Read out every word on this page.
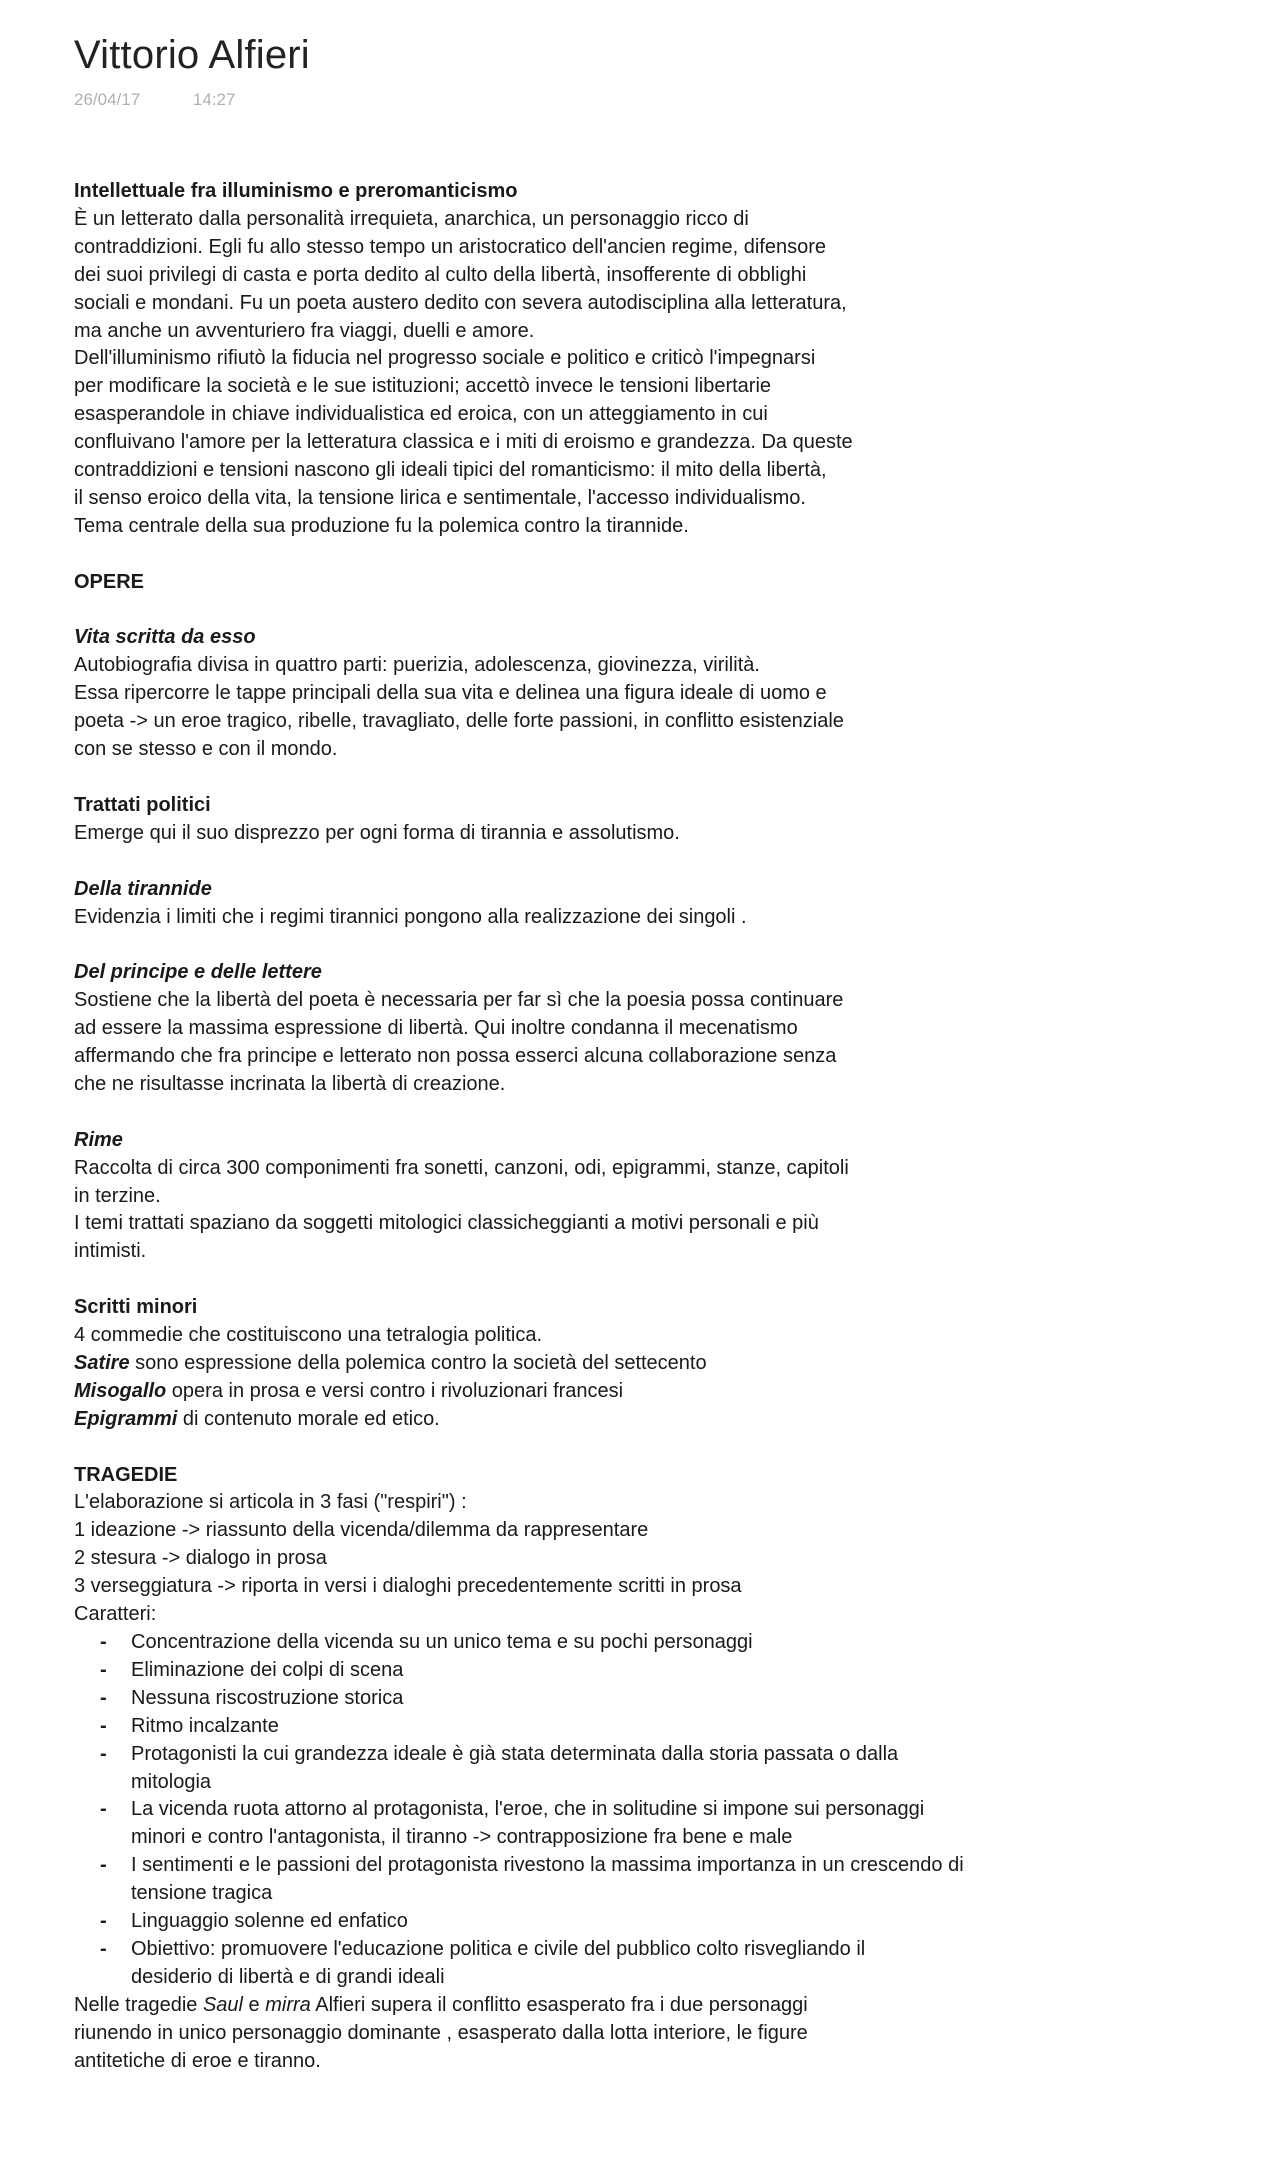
Vittorio Alfieri
26/04/17	14:27

Intellettuale fra illuminismo e preromanticismo

È un letterato dalla personalità irrequieta, anarchica, un personaggio ricco di

contraddizioni. Egli fu allo stesso tempo un aristocratico dell'ancien regime, difensore

dei suoi privilegi di casta e porta dedito al culto della libertà, insofferente di obblighi

sociali e mondani. Fu un poeta austero dedito con severa autodisciplina alla letteratura,

ma anche un avventuriero fra viaggi, duelli e amore.

Dell'illuminismo rifiutò la fiducia nel progresso sociale e politico e criticò l'impegnarsi

per modificare la società e le sue istituzioni; accettò invece le tensioni libertarie

esasperandole in chiave individualistica ed eroica, con un atteggiamento in cui

confluivano l'amore per la letteratura classica e i miti di eroismo e grandezza. Da queste

contraddizioni e tensioni nascono gli ideali tipici del romanticismo: il mito della libertà,

il senso eroico della vita, la tensione lirica e sentimentale, l'accesso individualismo.

Tema centrale della sua produzione fu la polemica contro la tirannide.

OPERE

Vita scritta da esso

Autobiografia divisa in quattro parti: puerizia, adolescenza, giovinezza, virilità.

Essa ripercorre le tappe principali della sua vita e delinea una figura ideale di uomo e

poeta -> un eroe tragico, ribelle, travagliato, delle forte passioni, in conflitto esistenziale

con se stesso e con il mondo.

Trattati politici

Emerge qui il suo disprezzo per ogni forma di tirannia e assolutismo.

Della tirannide

Evidenzia i limiti che i regimi tirannici pongono alla realizzazione dei singoli .

Del principe e delle lettere

Sostiene che la libertà del poeta è necessaria per far sì che la poesia possa continuare

ad essere la massima espressione di libertà. Qui inoltre condanna il mecenatismo

affermando che fra principe e letterato non possa esserci alcuna collaborazione senza

che ne risultasse incrinata la libertà di creazione.

Rime

Raccolta di circa 300 componimenti fra sonetti, canzoni, odi, epigrammi, stanze, capitoli

in terzine.

I temi trattati spaziano da soggetti mitologici classicheggianti a motivi personali e più

intimisti.

Scritti minori

4 commedie che costituiscono una tetralogia politica.

Satire sono espressione della polemica contro la società del settecento

Misogallo opera in prosa e versi contro i rivoluzionari francesi

Epigrammi di contenuto morale ed etico.

TRAGEDIE

L'elaborazione si articola in 3 fasi ("respiri") :

1 ideazione -> riassunto della vicenda/dilemma da rappresentare

2 stesura -> dialogo in prosa

3 verseggiatura -> riporta in versi i dialoghi precedentemente scritti in prosa

Caratteri:

- Concentrazione della vicenda su un unico tema e su pochi personaggi
- Eliminazione dei colpi di scena
- Nessuna riscostruzione storica
- Ritmo incalzante
- Protagonisti la cui grandezza ideale è già stata determinata dalla storia passata o dalla mitologia
- La vicenda ruota attorno al protagonista, l'eroe, che in solitudine si impone sui personaggi minori e contro l'antagonista, il tiranno -> contrapposizione fra bene e male
- I sentimenti e le passioni del protagonista rivestono la massima importanza in un crescendo di tensione tragica
- Linguaggio solenne ed enfatico
- Obiettivo: promuovere l'educazione politica e civile del pubblico colto risvegliando il desiderio di libertà e di grandi ideali

Nelle tragedie Saul e mirra Alfieri supera il conflitto esasperato fra i due personaggi

riunendo in unico personaggio dominante , esasperato dalla lotta interiore, le figure

antitetiche di eroe e tiranno.
